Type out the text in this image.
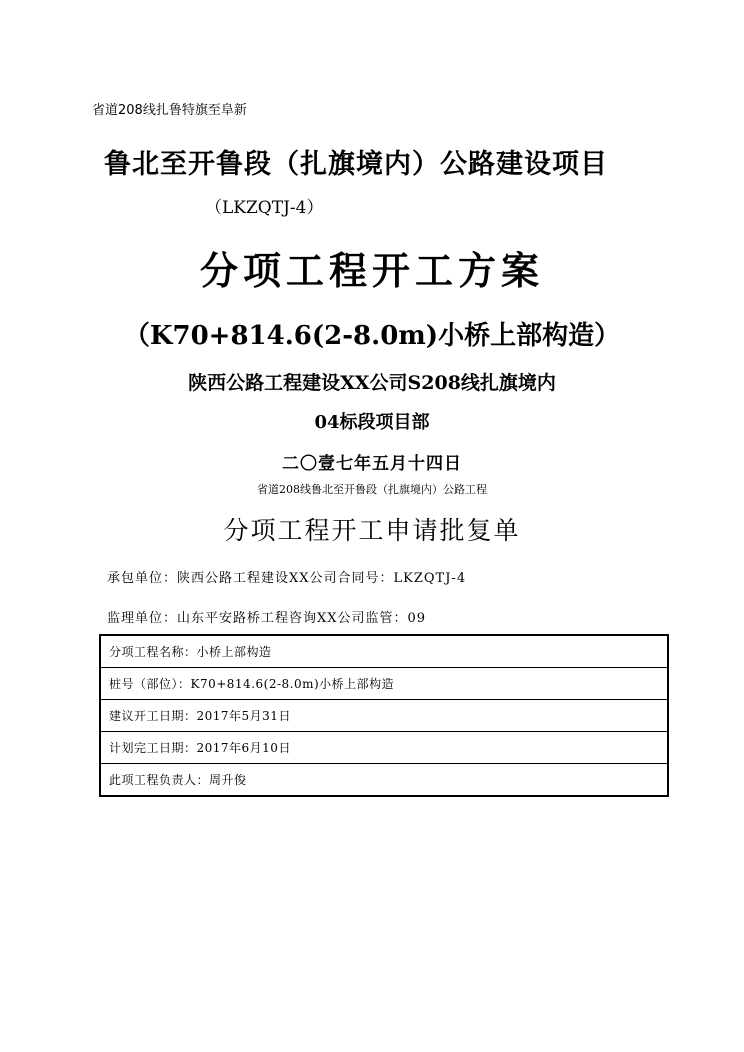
省道208线扎鲁特旗至阜新
鲁北至开鲁段（扎旗境内）公路建设项目
（LKZQTJ-4）
分项工程开工方案
（K70+814.6(2-8.0m)小桥上部构造）
陕西公路工程建设XX公司S208线扎旗境内
04标段项目部
二〇壹七年五月十四日
省道208线鲁北至开鲁段（扎旗境内）公路工程
分项工程开工申请批复单
承包单位：陕西公路工程建设XX公司合同号：LKZQTJ-4
监理单位：山东平安路桥工程咨询XX公司监管：09
分项工程名称：小桥上部构造
桩号（部位）：K70+814.6(2-8.0m)小桥上部构造
建议开工日期：2017年5月31日
计划完工日期：2017年6月10日
此项工程负责人：周升俊
